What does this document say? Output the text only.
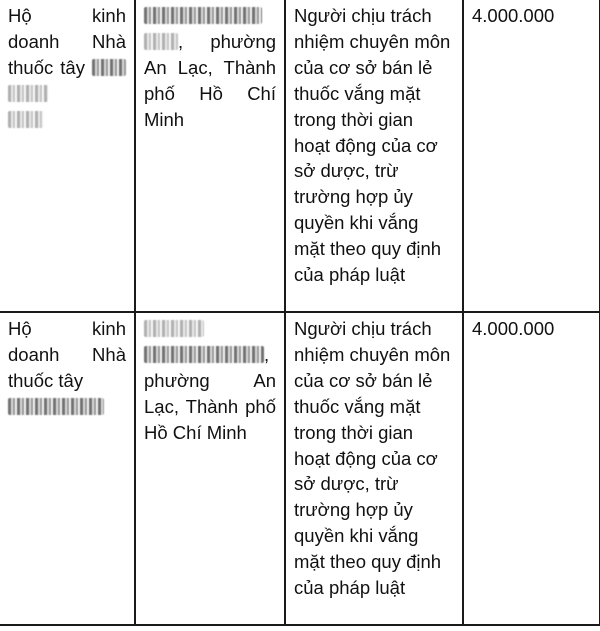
Hộ kinh doanh Nhà thuốc tây	, phường An Lạc, Thành phố Hồ Chí Minh	Người chịu trách nhiệm chuyên môn của cơ sở bán lẻ thuốc vắng mặt trong thời gian hoạt động của cơ sở dược, trừ trường hợp ủy quyền khi vắng mặt theo quy định của pháp luật	4.000.000
Hộ kinh doanh Nhà thuốc tây	, phường An Lạc, Thành phố Hồ Chí Minh	Người chịu trách nhiệm chuyên môn của cơ sở bán lẻ thuốc vắng mặt trong thời gian hoạt động của cơ sở dược, trừ trường hợp ủy quyền khi vắng mặt theo quy định của pháp luật	4.000.000
